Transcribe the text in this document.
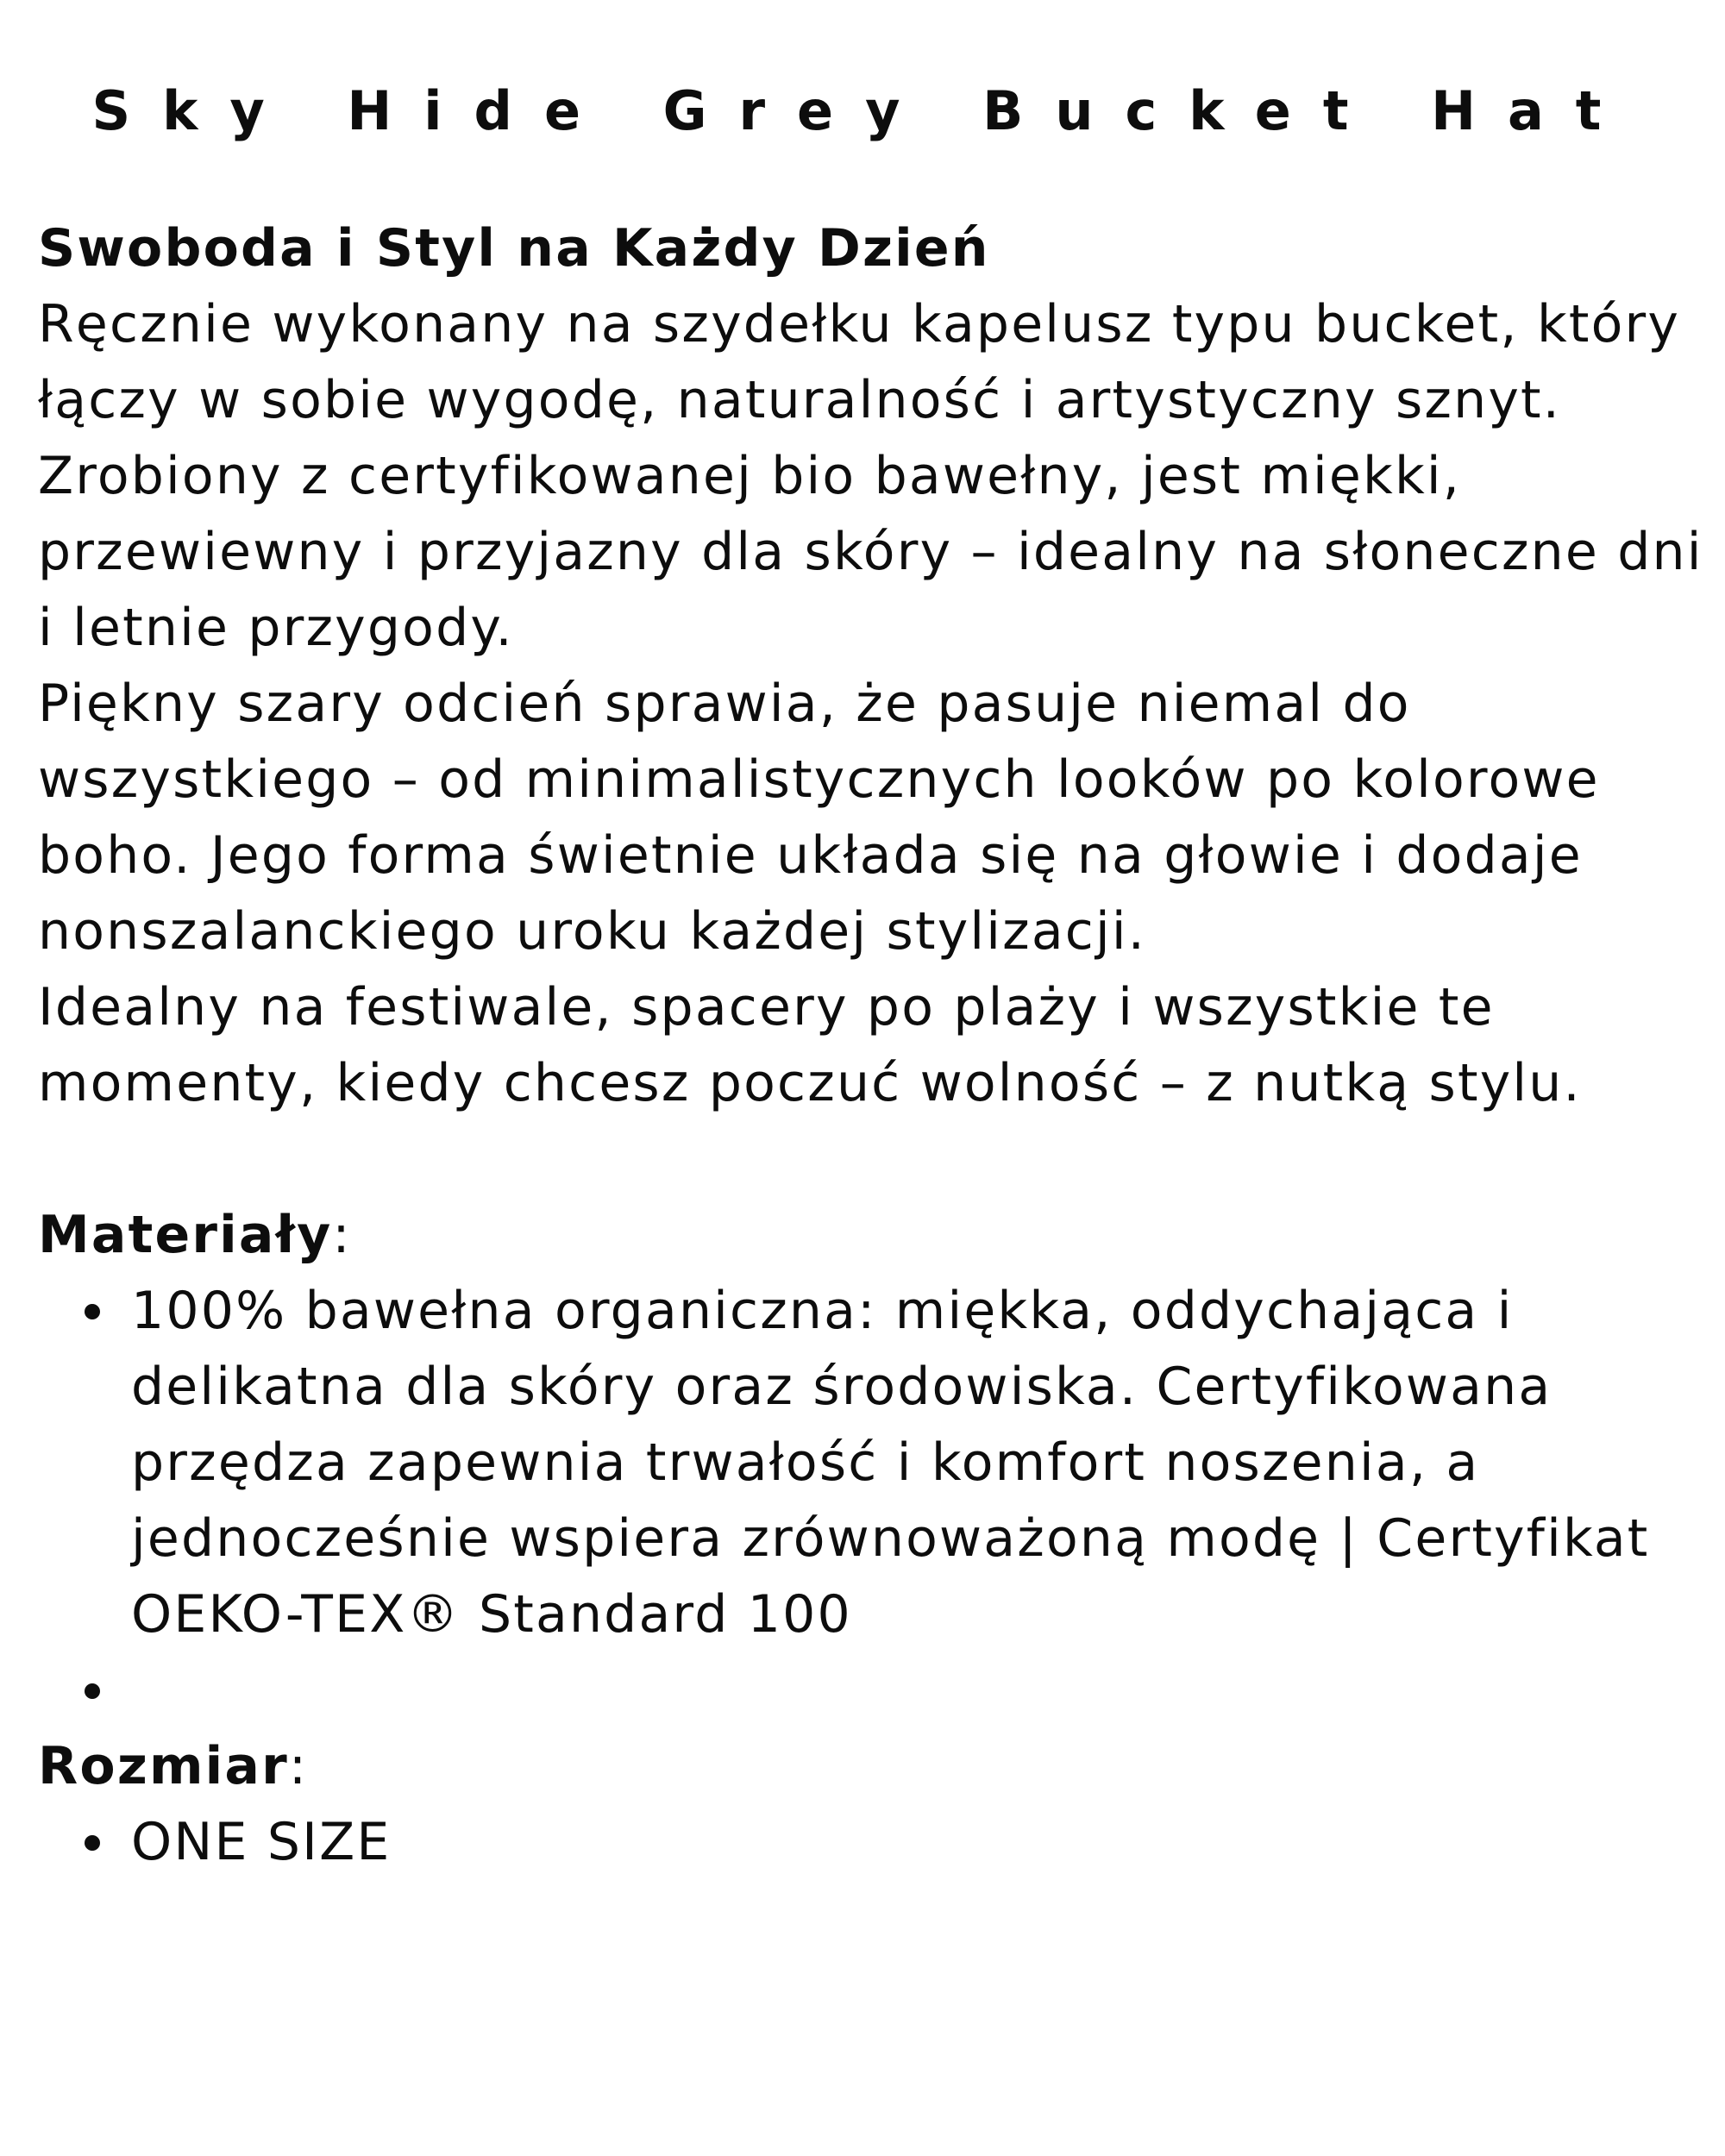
Sky Hide Grey Bucket Hat

Swoboda i Styl na Każdy Dzień

Ręcznie wykonany na szydełku kapelusz typu bucket, który łączy w sobie wygodę, naturalność i artystyczny sznyt. Zrobiony z certyfikowanej bio bawełny, jest miękki, przewiewny i przyjazny dla skóry – idealny na słoneczne dni i letnie przygody.

Piękny szary odcień sprawia, że pasuje niemal do wszystkiego – od minimalistycznych looków po kolorowe boho. Jego forma świetnie układa się na głowie i dodaje nonszalanckiego uroku każdej stylizacji.

Idealny na festiwale, spacery po plaży i wszystkie te momenty, kiedy chcesz poczuć wolność – z nutką stylu.

Materiały:

100% bawełna organiczna: miękka, oddychająca i delikatna dla skóry oraz środowiska. Certyfikowana przędza zapewnia trwałość i komfort noszenia, a jednocześnie wspiera zrównoważoną modę | Certyfikat OEKO-TEX® Standard 100

Rozmiar:

ONE SIZE
